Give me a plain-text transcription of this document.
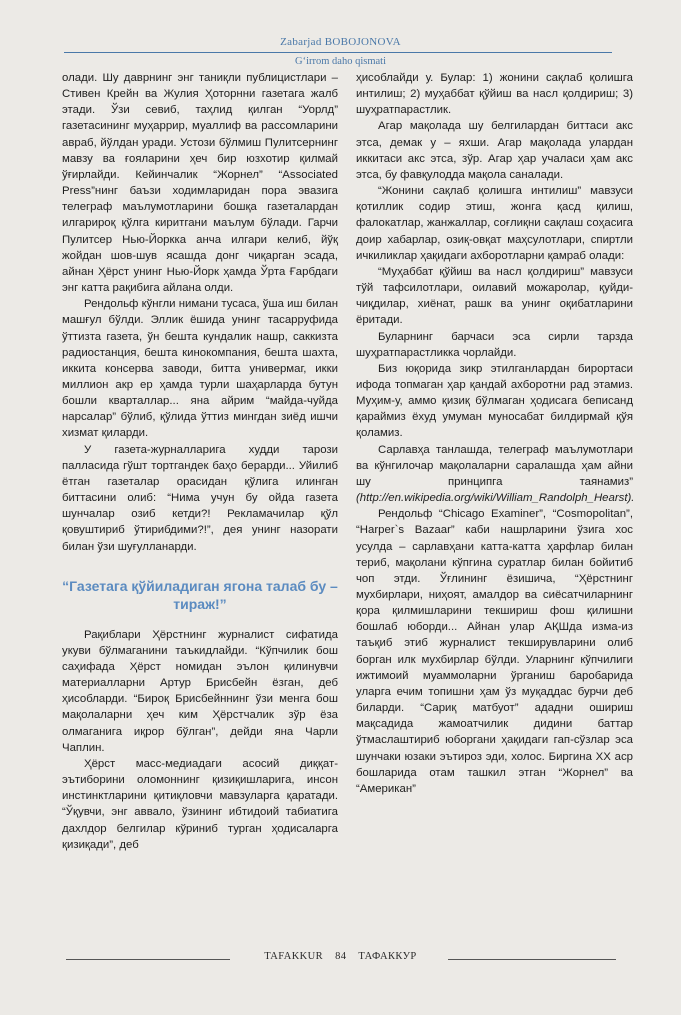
Zabarjad BOBOJONOVA
G‘irrom daho qismati

олади. Шу даврнинг энг таниқли публицистлари – Стивен Крейн ва Жулия Ҳоторнни газетага жалб этади. Ўзи севиб, таҳлид қилган “Уорлд” газетасининг муҳаррир, муаллиф ва рассомларини авраб, йўлдан уради. Устози бўлмиш Пулитсернинг мавзу ва ғояларини ҳеч бир юзхотир қилмай ўғирлайди. Кейинчалик “Жорнел” “Associated Press”нинг баъзи ходимларидан пора эвазига телеграф маълумотларини бошқа газеталардан илгарироқ қўлга киритгани маълум бўлади. Гарчи Пулитсер Нью-Йоркка анча илгари келиб, йўқ жойдан шов-шув ясашда донг чиқарган эсада, айнан Ҳёрст унинг Нью-Йорк ҳамда Ўрта Ғарбдаги энг катта рақибига айлана олди.

Рендольф кўнгли нимани тусаса, ўша иш билан машғул бўлди. Эллик ёшида унинг тасарруфида ўттизта газета, ўн бешта кундалик нашр, саккизта радиостанция, бешта кинокомпания, бешта шахта, иккита консерва заводи, битта универмаг, икки миллион акр ер ҳамда турли шаҳарларда бутун бошли кварталлар... яна айрим “майда-чуйда нарсалар” бўлиб, қўлида ўттиз мингдан зиёд ишчи хизмат қиларди.

У газета-журналларига худди тарози палласида гўшт тортгандек баҳо берарди... Уйилиб ётган газеталар орасидан қўлига илинган биттасини олиб: “Нима учун бу ойда газета шунчалар озиб кетди?! Рекламачилар қўл қовуштириб ўтирибдими?!”, дея унинг назорати билан ўзи шуғулланарди.

“Газетага қўйиладиган ягона талаб бу – тираж!”

Рақиблари Ҳёрстнинг журналист сифатида укуви бўлмаганини таъкидлайди. “Кўпчилик бош саҳифада Ҳёрст номидан эълон қилинувчи материалларни Артур Брисбейн ёзган, деб ҳисобларди. “Бироқ Брисбейннинг ўзи менга бош мақолаларни ҳеч ким Ҳёрстчалик зўр ёза олмаганига иқрор бўлган”, дейди яна Чарли Чаплин.

Ҳёрст масс-медиадаги асосий диққат-эътиборини оломоннинг қизиқишларига, инсон инстинктларини қитиқловчи мавзуларга қаратади. “Ўқувчи, энг аввало, ўзининг ибтидоий табиатига дахлдор белгилар кўриниб турган ҳодисаларга қизиқади”, деб

ҳисоблайди у. Булар: 1) жонини сақлаб қолишга интилиш; 2) муҳаббат қўйиш ва насл қолдириш; 3) шуҳратпарастлик.

Агар мақолада шу белгилардан биттаси акс этса, демак у – яхши. Агар мақолада улардан иккитаси акс этса, зўр. Агар ҳар учаласи ҳам акс этса, бу фавқулодда мақола саналади.

“Жонини сақлаб қолишга интилиш” мавзуси қотиллик содир этиш, жонга қасд қилиш, фалокатлар, жанжаллар, соғлиқни сақлаш соҳасига доир хабарлар, озиқ-овқат маҳсулотлари, спиртли ичкиликлар ҳақидаги ахборотларни қамраб олади:

“Муҳаббат қўйиш ва насл қолдириш” мавзуси тўй тафсилотлари, оилавий можаролар, қуйди-чиқдилар, хиёнат, рашк ва унинг оқибатларини ёритади.

Буларнинг барчаси эса сирли тарзда шуҳратпарастликка чорлайди.

Биз юқорида зикр этилганлардан бирортаси ифода топмаган ҳар қандай ахборотни рад этамиз. Муҳим-у, аммо қизиқ бўлмаган ҳодисага беписанд қараймиз ёхуд умуман муносабат билдирмай қўя қоламиз.

Сарлавҳа танлашда, телеграф маълумотлари ва кўнгилочар мақолаларни саралашда ҳам айни шу принципга таянамиз” (http://en.wikipedia.org/wiki/William_Randolph_Hearst).

Рендольф “Chicago Examiner”, “Cosmopolitan”, “Harper`s Bazaar” каби нашрларини ўзига хос усулда – сарлавҳани катта-катта ҳарфлар билан териб, мақолани кўпгина суратлар билан бойитиб чоп этди. Ўғлининг ёзишича, “Ҳёрстнинг мухбирлари, ниҳоят, амалдор ва сиёсатчиларнинг қора қилмишларини текшириш фош қилишни бошлаб юборди... Айнан улар АҚШда изма-из таъқиб этиб журналист текширувларини олиб борган илк мухбирлар бўлди. Уларнинг кўпчилиги ижтимоий муаммоларни ўрганиш баробарида уларга ечим топишни ҳам ўз муқаддас бурчи деб биларди. “Сариқ матбуот” ададни ошириш мақсадида жамоатчилик дидини баттар ўтмаслаштириб юборгани ҳақидаги гап-сўзлар эса шунчаки юзаки эътироз эди, холос. Биргина XX аср бошларида отам ташкил этган “Жорнел” ва “Американ”

TAFAKKUR 84 ТАФАККУР
